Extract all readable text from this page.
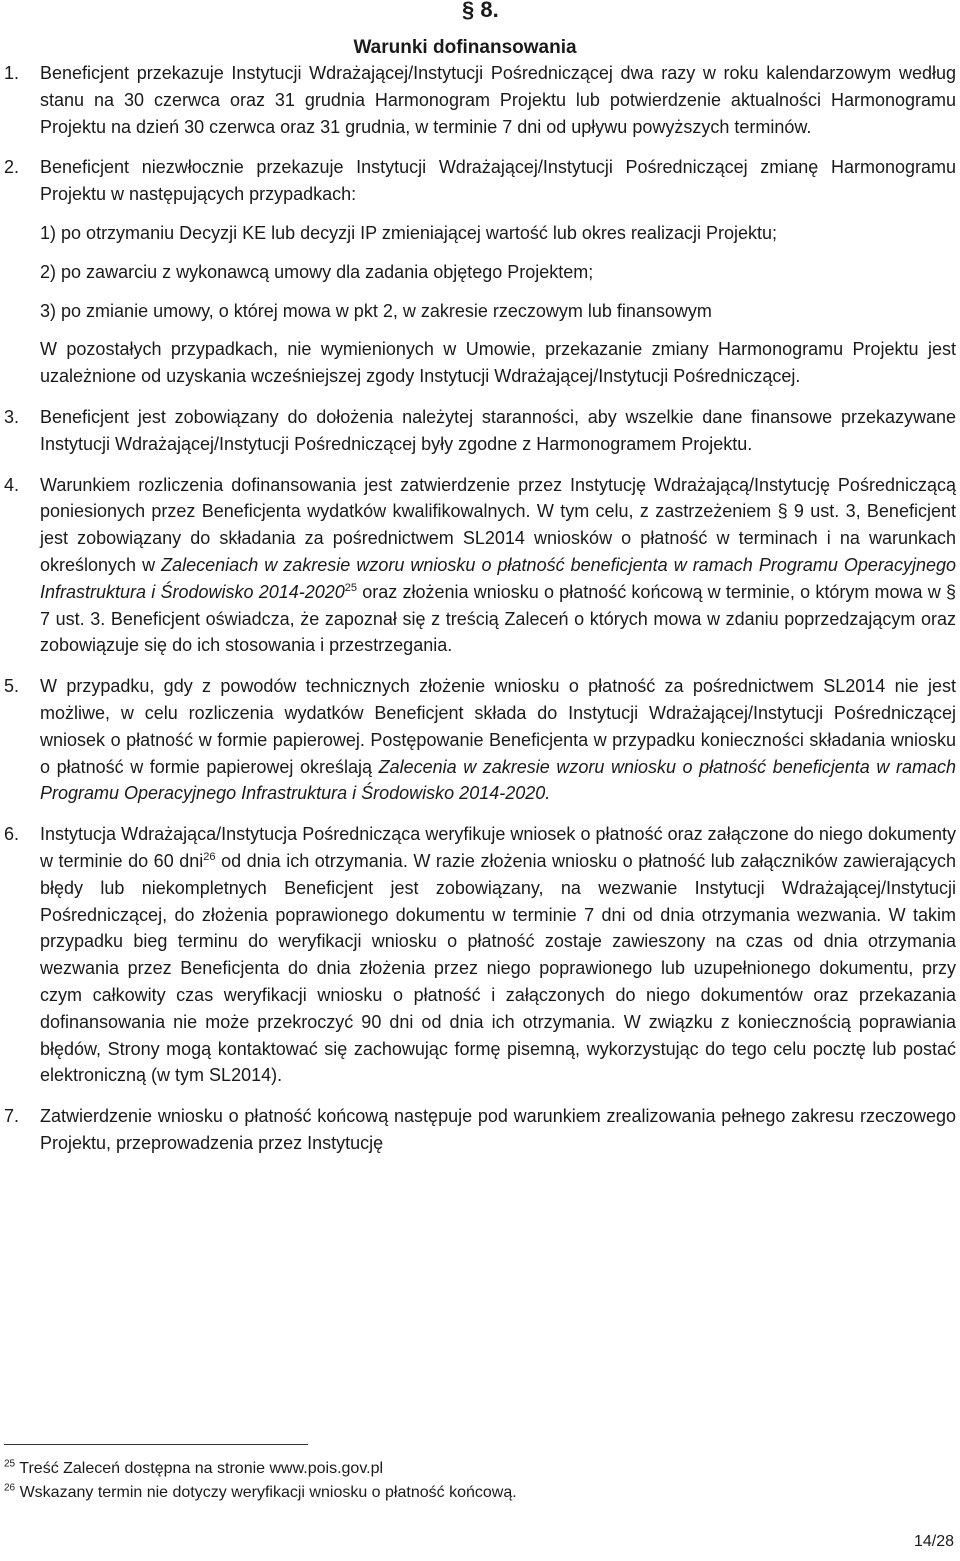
§ 8.
Warunki dofinansowania

1. Beneficjent przekazuje Instytucji Wdrażającej/Instytucji Pośredniczącej dwa razy w roku kalendarzowym według stanu na 30 czerwca oraz 31 grudnia Harmonogram Projektu lub potwierdzenie aktualności Harmonogramu Projektu na dzień 30 czerwca oraz 31 grudnia, w terminie 7 dni od upływu powyższych terminów.

2. Beneficjent niezwłocznie przekazuje Instytucji Wdrażającej/Instytucji Pośredniczącej zmianę Harmonogramu Projektu w następujących przypadkach:

1) po otrzymaniu Decyzji KE lub decyzji IP zmieniającej wartość lub okres realizacji Projektu;

2) po zawarciu z wykonawcą umowy dla zadania objętego Projektem;

3) po zmianie umowy, o której mowa w pkt 2, w zakresie rzeczowym lub finansowym

W pozostałych przypadkach, nie wymienionych w Umowie, przekazanie zmiany Harmonogramu Projektu jest uzależnione od uzyskania wcześniejszej zgody Instytucji Wdrażającej/Instytucji Pośredniczącej.

3. Beneficjent jest zobowiązany do dołożenia należytej staranności, aby wszelkie dane finansowe przekazywane Instytucji Wdrażającej/Instytucji Pośredniczącej były zgodne z Harmonogramem Projektu.

4. Warunkiem rozliczenia dofinansowania jest zatwierdzenie przez Instytucję Wdrażającą/Instytucję Pośredniczącą poniesionych przez Beneficjenta wydatków kwalifikowalnych. W tym celu, z zastrzeżeniem § 9 ust. 3, Beneficjent jest zobowiązany do składania za pośrednictwem SL2014 wniosków o płatność w terminach i na warunkach określonych w Zaleceniach w zakresie wzoru wniosku o płatność beneficjenta w ramach Programu Operacyjnego Infrastruktura i Środowisko 2014-2020$^{25}$ oraz złożenia wniosku o płatność końcową w terminie, o którym mowa w § 7 ust. 3. Beneficjent oświadcza, że zapoznał się z treścią Zaleceń o których mowa w zdaniu poprzedzającym oraz zobowiązuje się do ich stosowania i przestrzegania.

5. W przypadku, gdy z powodów technicznych złożenie wniosku o płatność za pośrednictwem SL2014 nie jest możliwe, w celu rozliczenia wydatków Beneficjent składa do Instytucji Wdrażającej/Instytucji Pośredniczącej wniosek o płatność w formie papierowej. Postępowanie Beneficjenta w przypadku konieczności składania wniosku o płatność w formie papierowej określają Zalecenia w zakresie wzoru wniosku o płatność beneficjenta w ramach Programu Operacyjnego Infrastruktura i Środowisko 2014-2020.

6. Instytucja Wdrażająca/Instytucja Pośrednicząca weryfikuje wniosek o płatność oraz załączone do niego dokumenty w terminie do 60 dni$^{26}$ od dnia ich otrzymania. W razie złożenia wniosku o płatność lub załączników zawierających błędy lub niekompletnych Beneficjent jest zobowiązany, na wezwanie Instytucji Wdrażającej/Instytucji Pośredniczącej, do złożenia poprawionego dokumentu w terminie 7 dni od dnia otrzymania wezwania. W takim przypadku bieg terminu do weryfikacji wniosku o płatność zostaje zawieszony na czas od dnia otrzymania wezwania przez Beneficjenta do dnia złożenia przez niego poprawionego lub uzupełnionego dokumentu, przy czym całkowity czas weryfikacji wniosku o płatność i załączonych do niego dokumentów oraz przekazania dofinansowania nie może przekroczyć 90 dni od dnia ich otrzymania. W związku z koniecznością poprawiania błędów, Strony mogą kontaktować się zachowując formę pisemną, wykorzystując do tego celu pocztę lub postać elektroniczną (w tym SL2014).

7. Zatwierdzenie wniosku o płatność końcową następuje pod warunkiem zrealizowania pełnego zakresu rzeczowego Projektu, przeprowadzenia przez Instytucję

$^{25}$ Treść Zaleceń dostępna na stronie www.pois.gov.pl
$^{26}$ Wskazany termin nie dotyczy weryfikacji wniosku o płatność końcową.
14/28
